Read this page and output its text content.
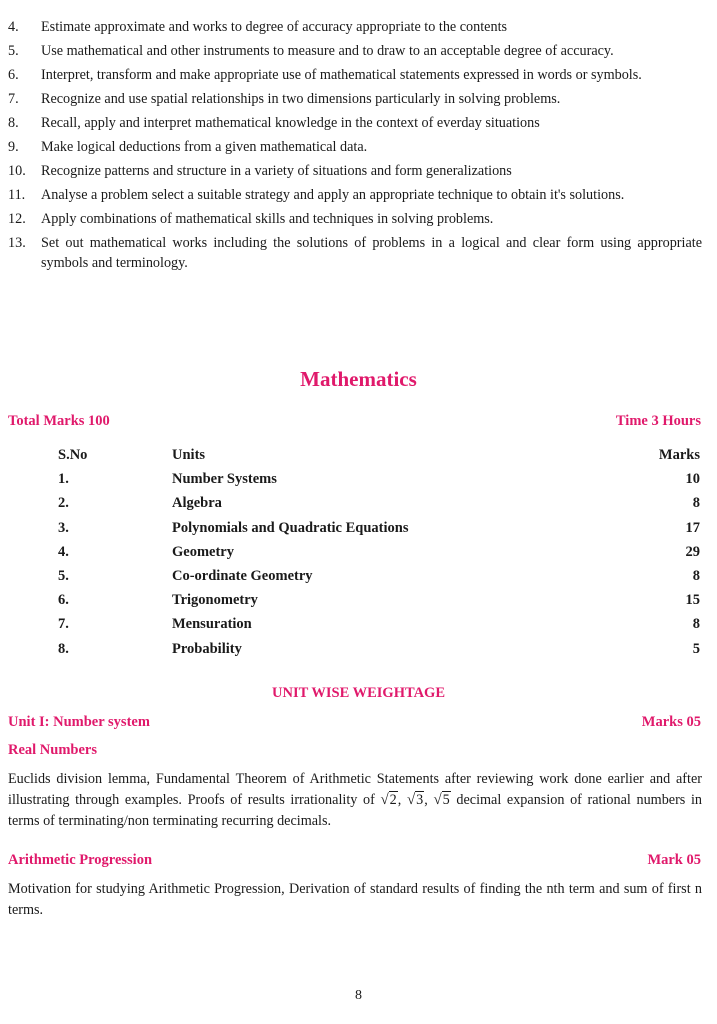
4.	Estimate approximate and works to degree of accuracy appropriate to the contents
5.	Use mathematical and other instruments to measure and to draw to an acceptable degree of accuracy.
6.	Interpret, transform and make appropriate use of mathematical statements expressed in words or symbols.
7.	Recognize and use spatial relationships in two dimensions particularly in solving problems.
8.	Recall, apply and interpret mathematical knowledge in the context of everday situations
9.	Make logical deductions from a given mathematical data.
10.	Recognize patterns and structure in a variety of situations and form generalizations
11.	Analyse a problem select a suitable strategy and apply an appropriate technique to obtain it's solutions.
12.	Apply combinations of mathematical skills and techniques in solving problems.
13.	Set out mathematical works including the solutions of problems in a logical and clear form using appropriate symbols and terminology.
Mathematics
Total Marks 100	Time 3 Hours
S.No	Units	Marks
1.	Number Systems	10
2.	Algebra	8
3.	Polynomials and Quadratic Equations	17
4.	Geometry	29
5.	Co-ordinate Geometry	8
6.	Trigonometry	15
7.	Mensuration	8
8.	Probability	5
UNIT WISE WEIGHTAGE
Unit I: Number system	Marks 05
Real Numbers
Euclids division lemma, Fundamental Theorem of Arithmetic Statements after reviewing work done earlier and after illustrating through examples. Proofs of results irrationality of √2, √3, √5 decimal expansion of rational numbers in terms of terminating/non terminating recurring decimals.
Arithmetic Progression	Mark 05
Motivation for studying Arithmetic Progression, Derivation of standard results of finding the nth term and sum of first n terms.
8
